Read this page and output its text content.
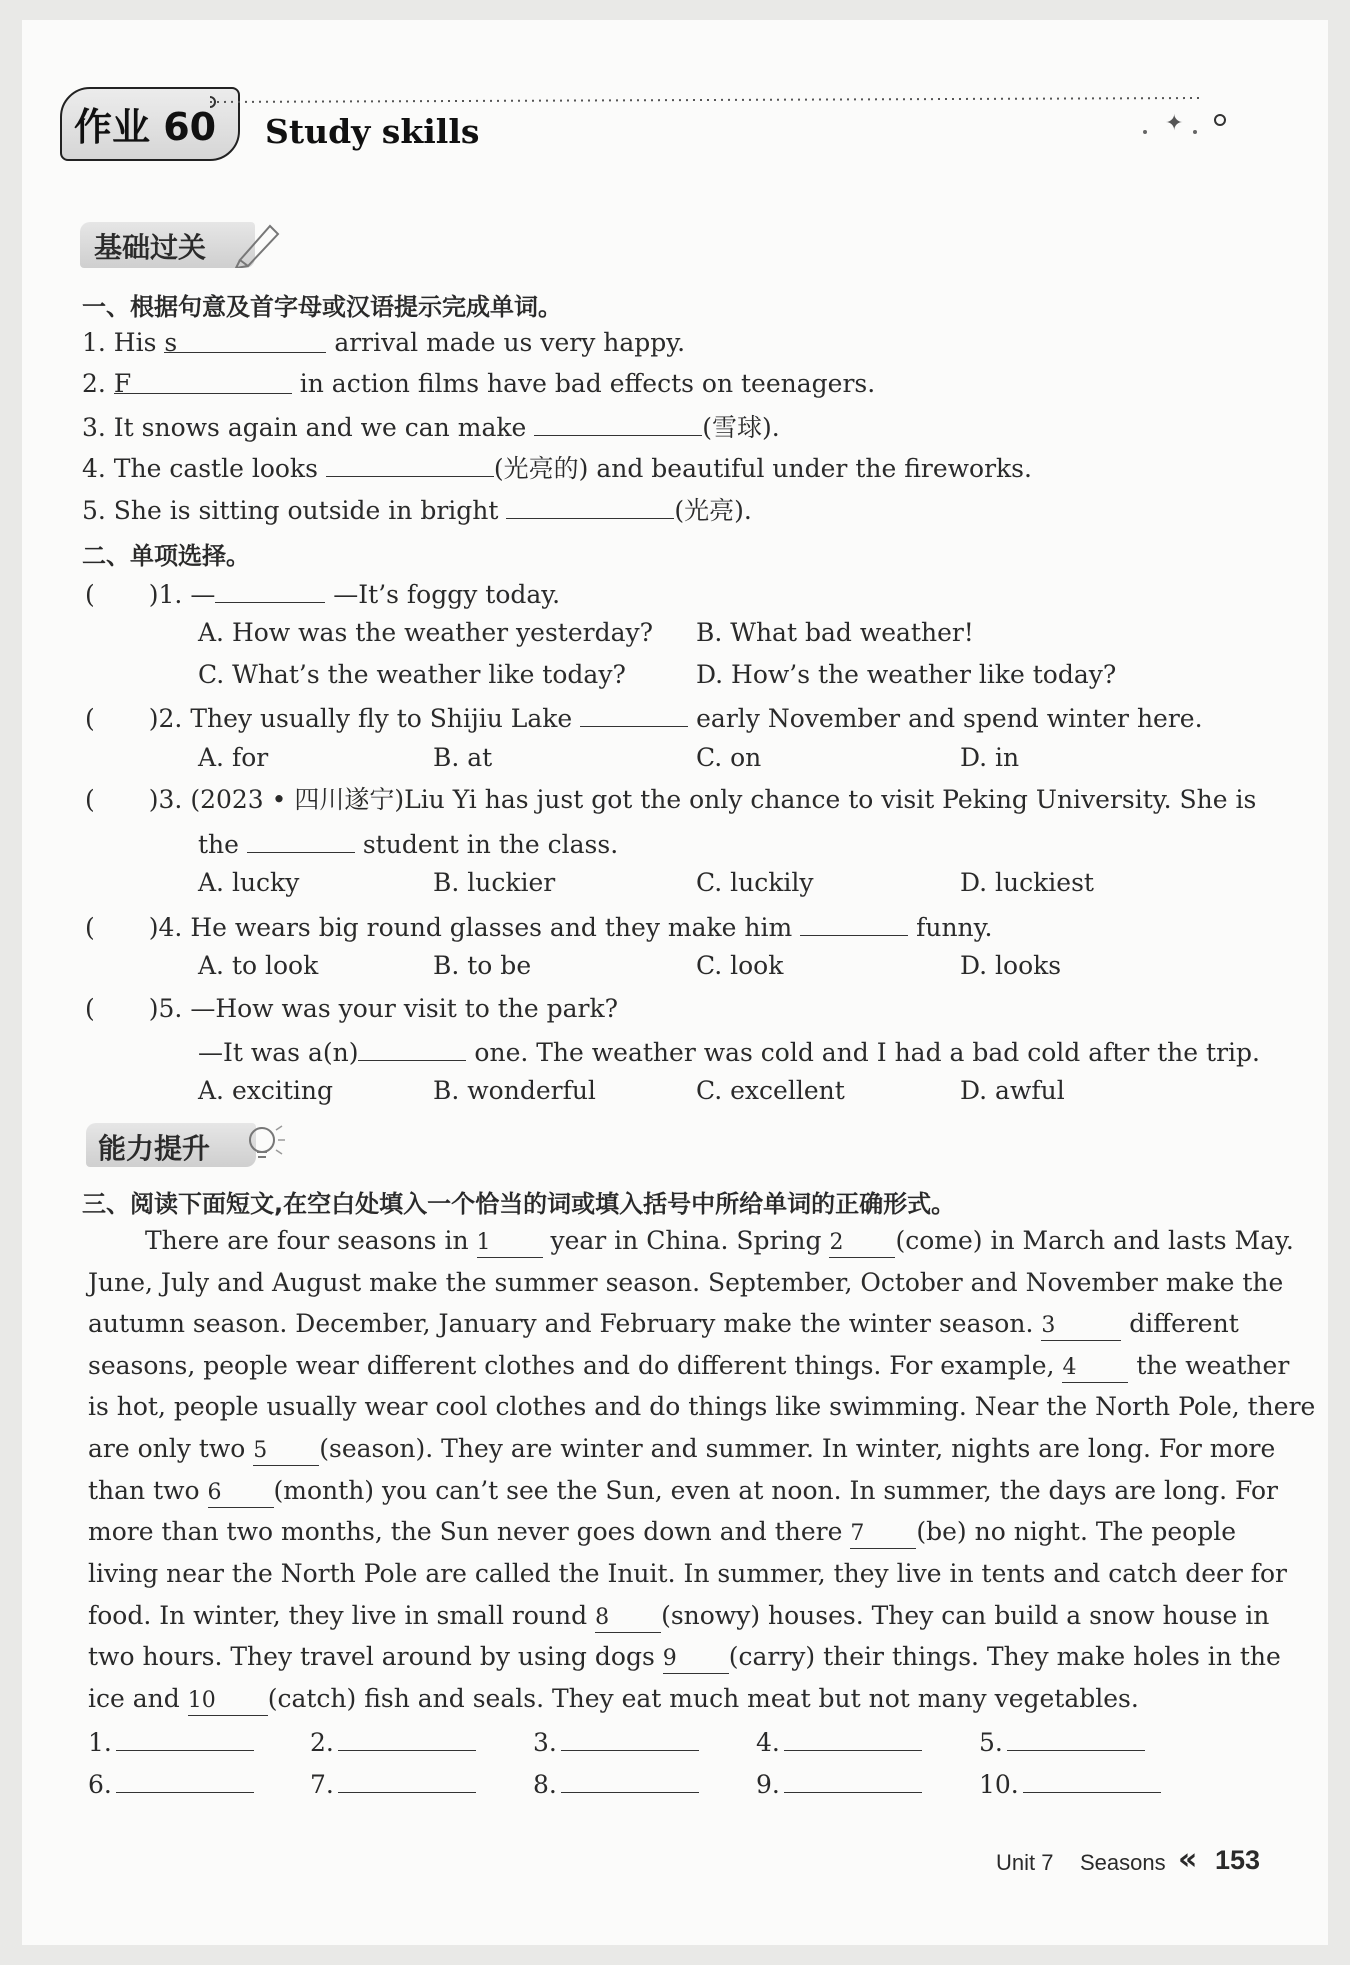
作业 60 Study skills	✦
基础过关
一、根据句意及首字母或汉语提示完成单词。
1. His s	arrival made us very happy.
2. F	in action films have bad effects on teenagers.
3. It snows again and we can make	(雪球).
4. The castle looks	(光亮的) and beautiful under the fireworks.
5. She is sitting outside in bright	(光亮).
二、单项选择。
( )1. —	—It’s foggy today.
A. How was the weather yesterday? B. What bad weather!
C. What’s the weather like today?	D. How’s the weather like today?
( )2. They usually fly to Shijiu Lake	early November and spend winter here.
A. for	B. at	C. on	D. in
( )3. (2023 • 四川遂宁)Liu Yi has just got the only chance to visit Peking University. She is
the	student in the class.
A. lucky	B. luckier	C. luckily	D. luckiest
( )4. He wears big round glasses and they make him	funny.
A. to look	B. to be	C. look	D. looks
( )5. —How was your visit to the park?
—It was a(n)	one. The weather was cold and I had a bad cold after the trip.
A. exciting	B. wonderful	C. excellent	D. awful
能力提升
三、阅读下面短文,在空白处填入一个恰当的词或填入括号中所给单词的正确形式。
There are four seasons in 1 year in China. Spring 2 (come) in March and lasts May.
June, July and August make the summer season. September, October and November make the
autumn season. December, January and February make the winter season. 3	different
seasons, people wear different clothes and do different things. For example, 4 the weather
is hot, people usually wear cool clothes and do things like swimming. Near the North Pole, there
are only two 5 (season). They are winter and summer. In winter, nights are long. For more
than two 6 (month) you can’t see the Sun, even at noon. In summer, the days are long. For
more than two months, the Sun never goes down and there 7 (be) no night. The people
living near the North Pole are called the Inuit. In summer, they live in tents and catch deer for
food. In winter, they live in small round 8 (snowy) houses. They can build a snow house in
two hours. They travel around by using dogs 9 (carry) their things. They make holes in the
ice and 10 (catch) fish and seals. They eat much meat but not many vegetables.
1.	2.	3.	4.	5.
6.	7.	8.	9.	10.
Unit 7 Seasons « 153
